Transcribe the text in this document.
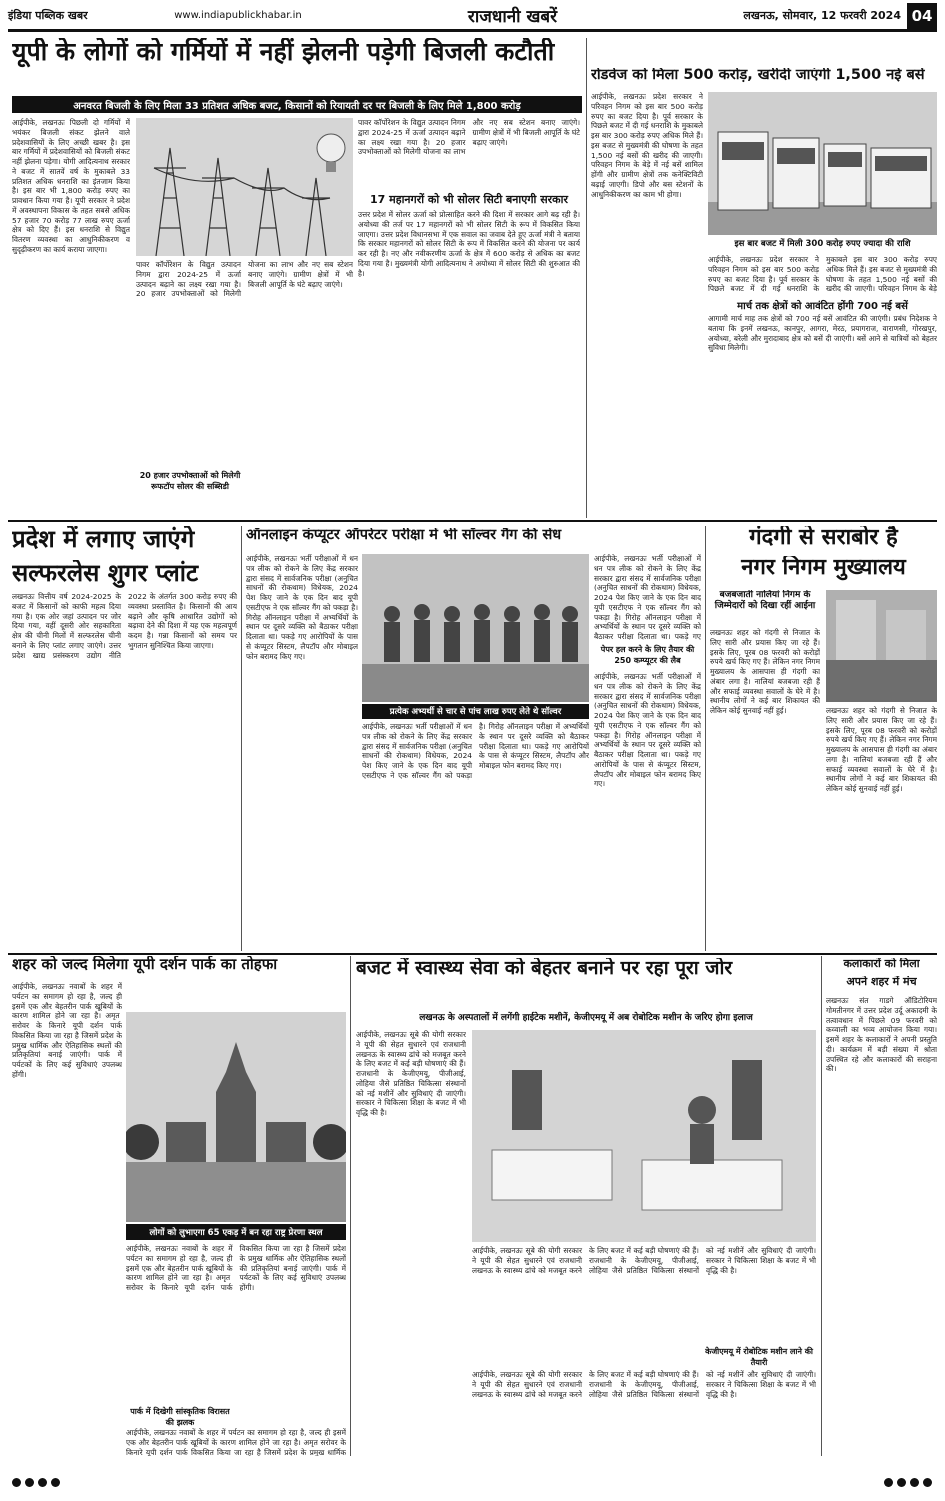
इंडिया पब्लिक खबर	www.indiapublickhabar.in	राजधानी खबरें	लखनऊ, सोमवार, 12 फरवरी 2024 04
यूपी के लोगों को गर्मियों में नहीं झेलनी पड़ेगी बिजली कटौती
अनवरत बिजली के लिए मिला 33 प्रतिशत अधिक बजट, किसानों को रियायती दर पर बिजली के लिए मिले 1,800 करोड़
आईपीके, लखनऊः पिछली दो गर्मियों में भयंकर बिजली संकट झेलने वाले प्रदेशवासियों के लिए अच्छी खबर है। इस बार गर्मियों में प्रदेशवासियों को बिजली संकट नहीं झेलना पड़ेगा। योगी आदित्यनाथ सरकार ने बजट में सातवें वर्ष के मुकाबले 33 प्रतिशत अधिक धनराशि का इंतजाम किया है। इस बार भी 1,800 करोड़ रुपए का प्रावधान किया गया है। यूपी सरकार ने प्रदेश में अवस्थापना विकास के तहत सबसे अधिक 57 हजार 70 करोड़ 77 लाख रुपए ऊर्जा क्षेत्र को दिए हैं। इस धनराशि से विद्युत वितरण व्यवस्था का आधुनिकीकरण व सुदृढ़ीकरण का कार्य कराया जाएगा।
पावर कॉर्पोरेशन के विद्युत उत्पादन निगम द्वारा 2024-25 में ऊर्जा उत्पादन बढ़ाने का लक्ष्य रखा गया है। 20 हजार उपभोक्ताओं को मिलेगी योजना का लाभ और नए सब स्टेशन बनाए जाएंगे। ग्रामीण क्षेत्रों में भी बिजली आपूर्ति के घंटे बढ़ाए जाएंगे।
20 हजार उपभोक्ताओं को मिलेगी रूफटॉप सोलर की सब्सिडी
पावर कॉर्पोरेशन के विद्युत उत्पादन निगम द्वारा 2024-25 में ऊर्जा उत्पादन बढ़ाने का लक्ष्य रखा गया है। 20 हजार उपभोक्ताओं को मिलेगी योजना का लाभ और नए सब स्टेशन बनाए जाएंगे। ग्रामीण क्षेत्रों में भी बिजली आपूर्ति के घंटे बढ़ाए जाएंगे।
17 महानगरों को भी सोलर सिटी बनाएगी सरकार
उत्तर प्रदेश में सोलर ऊर्जा को प्रोत्साहित करने की दिशा में सरकार आगे बढ़ रही है। अयोध्या की तर्ज पर 17 महानगरों को भी सोलर सिटी के रूप में विकसित किया जाएगा। उत्तर प्रदेश विधानसभा में एक सवाल का जवाब देते हुए ऊर्जा मंत्री ने बताया कि सरकार महानगरों को सोलर सिटी के रूप में विकसित करने की योजना पर कार्य कर रही है। नए और नवीकरणीय ऊर्जा के क्षेत्र में 600 करोड़ से अधिक का बजट दिया गया है। मुख्यमंत्री योगी आदित्यनाथ ने अयोध्या में सोलर सिटी की शुरुआत की है।
रोडवेज को मिला 500 करोड़, खरीदी जाएंगी 1,500 नई बसें
आईपीके, लखनऊः प्रदेश सरकार ने परिवहन निगम को इस बार 500 करोड़ रुपए का बजट दिया है। पूर्व सरकार के पिछले बजट में दी गई धनराशि के मुकाबले इस बार 300 करोड़ रुपए अधिक मिले हैं। इस बजट से मुख्यमंत्री की घोषणा के तहत 1,500 नई बसों की खरीद की जाएगी। परिवहन निगम के बेड़े में नई बसें शामिल होंगी और ग्रामीण क्षेत्रों तक कनेक्टिविटी बढ़ाई जाएगी। डिपो और बस स्टेशनों के आधुनिकीकरण का काम भी होगा।
इस बार बजट में मिली 300 करोड़ रुपए ज्यादा की राशि
आईपीके, लखनऊः प्रदेश सरकार ने परिवहन निगम को इस बार 500 करोड़ रुपए का बजट दिया है। पूर्व सरकार के पिछले बजट में दी गई धनराशि के मुकाबले इस बार 300 करोड़ रुपए अधिक मिले हैं। इस बजट से मुख्यमंत्री की घोषणा के तहत 1,500 नई बसों की खरीद की जाएगी। परिवहन निगम के बेड़े
मार्च तक क्षेत्रों को आवंटित होंगी 700 नई बसें
आगामी मार्च माह तक क्षेत्रों को 700 नई बसें आवंटित की जाएंगी। प्रबंध निदेशक ने बताया कि इनमें लखनऊ, कानपुर, आगरा, मेरठ, प्रयागराज, वाराणसी, गोरखपुर, अयोध्या, बरेली और मुरादाबाद क्षेत्र को बसें दी जाएंगी। बसें आने से यात्रियों को बेहतर सुविधा मिलेगी।
प्रदेश में लगाए जाएंगे
सल्फरलेस शुगर प्लांट
लखनऊः वित्तीय वर्ष 2024-2025 के बजट में किसानों को काफी महत्व दिया गया है। एक ओर जहां उत्पादन पर जोर दिया गया, वहीं दूसरी ओर सहकारिता क्षेत्र की चीनी मिलों में सल्फरलेस चीनी बनाने के लिए प्लांट लगाए जाएंगे। उत्तर प्रदेश खाद्य प्रसंस्करण उद्योग नीति 2022 के अंतर्गत 300 करोड़ रुपए की व्यवस्था प्रस्तावित है। किसानों की आय बढ़ाने और कृषि आधारित उद्योगों को बढ़ावा देने की दिशा में यह एक महत्वपूर्ण कदम है। गन्ना किसानों को समय पर भुगतान सुनिश्चित किया जाएगा।
ऑनलाइन कंप्यूटर ऑपरेटर परीक्षा में भी सॉल्वर गैंग की सेंध
आईपीके, लखनऊः भर्ती परीक्षाओं में धन पत्र लीक को रोकने के लिए केंद्र सरकार द्वारा संसद में सार्वजनिक परीक्षा (अनुचित साधनों की रोकथाम) विधेयक, 2024 पेश किए जाने के एक दिन बाद यूपी एसटीएफ ने एक सॉल्वर गैंग को पकड़ा है। गिरोह ऑनलाइन परीक्षा में अभ्यर्थियों के स्थान पर दूसरे व्यक्ति को बैठाकर परीक्षा दिलाता था। पकड़े गए आरोपियों के पास से कंप्यूटर सिस्टम, लैपटॉप और मोबाइल फोन बरामद किए गए।
प्रत्येक अभ्यर्थी से चार से पांच लाख रुपए लेते थे सॉल्वर
आईपीके, लखनऊः भर्ती परीक्षाओं में धन पत्र लीक को रोकने के लिए केंद्र सरकार द्वारा संसद में सार्वजनिक परीक्षा (अनुचित साधनों की रोकथाम) विधेयक, 2024 पेश किए जाने के एक दिन बाद यूपी एसटीएफ ने एक सॉल्वर गैंग को पकड़ा है। गिरोह ऑनलाइन परीक्षा में अभ्यर्थियों के स्थान पर दूसरे व्यक्ति को बैठाकर परीक्षा दिलाता था। पकड़े गए आरोपियों के पास से कंप्यूटर सिस्टम, लैपटॉप और मोबाइल फोन बरामद किए गए।
आईपीके, लखनऊः भर्ती परीक्षाओं में धन पत्र लीक को रोकने के लिए केंद्र सरकार द्वारा संसद में सार्वजनिक परीक्षा (अनुचित साधनों की रोकथाम) विधेयक, 2024 पेश किए जाने के एक दिन बाद यूपी एसटीएफ ने एक सॉल्वर गैंग को पकड़ा है। गिरोह ऑनलाइन परीक्षा में अभ्यर्थियों के स्थान पर दूसरे व्यक्ति को बैठाकर परीक्षा दिलाता था। पकड़े गए
पेपर हल करने के लिए तैयार की 250 कम्प्यूटर की लैब
आईपीके, लखनऊः भर्ती परीक्षाओं में धन पत्र लीक को रोकने के लिए केंद्र सरकार द्वारा संसद में सार्वजनिक परीक्षा (अनुचित साधनों की रोकथाम) विधेयक, 2024 पेश किए जाने के एक दिन बाद यूपी एसटीएफ ने एक सॉल्वर गैंग को पकड़ा है। गिरोह ऑनलाइन परीक्षा में अभ्यर्थियों के स्थान पर दूसरे व्यक्ति को बैठाकर परीक्षा दिलाता था। पकड़े गए आरोपियों के पास से कंप्यूटर सिस्टम, लैपटॉप और मोबाइल फोन बरामद किए गए।
गंदगी से सराबोर है
नगर निगम मुख्यालय
बजबजाती नालियां निगम के जिम्मेदारों को दिखा रहीं आईना
लखनऊः शहर को गंदगी से निजात के लिए सारी और प्रयास किए जा रहे हैं। इसके लिए, पूरब 08 फरवरी को करोड़ों रुपये खर्च किए गए हैं। लेकिन नगर निगम मुख्यालय के आसपास ही गंदगी का अंबार लगा है। नालियां बजबजा रही हैं और सफाई व्यवस्था सवालों के घेरे में है। स्थानीय लोगों ने कई बार शिकायत की लेकिन कोई सुनवाई नहीं हुई।	लखनऊः शहर को गंदगी से निजात के लिए सारी और प्रयास किए जा रहे हैं। इसके लिए, पूरब 08 फरवरी को करोड़ों रुपये खर्च किए गए हैं। लेकिन नगर निगम मुख्यालय के आसपास ही गंदगी का अंबार लगा है। नालियां बजबजा रही हैं और सफाई व्यवस्था सवालों के घेरे में है। स्थानीय लोगों ने कई बार शिकायत की लेकिन कोई सुनवाई नहीं हुई।
शहर को जल्द मिलेगा यूपी दर्शन पार्क का तोहफा
आईपीके, लखनऊः नवाबों के शहर में पर्यटन का समागम हो रहा है, जल्द ही इसमें एक और बेहतरीन पार्क खूबियों के कारण शामिल होने जा रहा है। अमृत ​​सरोवर के किनारे यूपी दर्शन पार्क विकसित किया जा रहा है जिसमें प्रदेश के प्रमुख धार्मिक और ऐतिहासिक स्थलों की प्रतिकृतियां बनाई जाएंगी। पार्क में पर्यटकों के लिए कई सुविधाएं उपलब्ध होंगी।
लोगों को लुभाएगा 65 एकड़ में बन रहा राष्ट्र प्रेरणा स्थल
आईपीके, लखनऊः नवाबों के शहर में पर्यटन का समागम हो रहा है, जल्द ही इसमें एक और बेहतरीन पार्क खूबियों के कारण शामिल होने जा रहा है। अमृत ​​सरोवर के किनारे यूपी दर्शन पार्क विकसित किया जा रहा है जिसमें प्रदेश के प्रमुख धार्मिक और ऐतिहासिक स्थलों की प्रतिकृतियां बनाई जाएंगी। पार्क में पर्यटकों के लिए कई सुविधाएं उपलब्ध होंगी।
पार्क में दिखेगी सांस्कृतिक विरासत की झलक
आईपीके, लखनऊः नवाबों के शहर में पर्यटन का समागम हो रहा है, जल्द ही इसमें एक और बेहतरीन पार्क खूबियों के कारण शामिल होने जा रहा है। अमृत ​​सरोवर के किनारे यूपी दर्शन पार्क विकसित किया जा रहा है जिसमें प्रदेश के प्रमुख धार्मिक
बजट में स्वास्थ्य सेवा को बेहतर बनाने पर रहा पूरा जोर
लखनऊ के अस्पतालों में लगेंगी हाईटेक मशीनें, केजीएमयू में अब रोबोटिक मशीन के जरिए होगा इलाज
आईपीके, लखनऊः सूबे की योगी सरकार ने यूपी की सेहत सुधारने एवं राजधानी लखनऊ के स्वास्थ्य ढांचे को मजबूत करने के लिए बजट में कई बड़ी घोषणाएं की हैं। राजधानी के केजीएमयू, पीजीआई, लोहिया जैसे प्रतिष्ठित चिकित्सा संस्थानों को नई मशीनें और सुविधाएं दी जाएंगी। सरकार ने चिकित्सा शिक्षा के बजट में भी वृद्धि की है।
आईपीके, लखनऊः सूबे की योगी सरकार ने यूपी की सेहत सुधारने एवं राजधानी लखनऊ के स्वास्थ्य ढांचे को मजबूत करने के लिए बजट में कई बड़ी घोषणाएं की हैं। राजधानी के केजीएमयू, पीजीआई, लोहिया जैसे प्रतिष्ठित चिकित्सा संस्थानों को नई मशीनें और सुविधाएं दी जाएंगी। सरकार ने चिकित्सा शिक्षा के बजट में भी वृद्धि की है।
केजीएमयू में रोबोटिक मशीन लाने की तैयारी
आईपीके, लखनऊः सूबे की योगी सरकार ने यूपी की सेहत सुधारने एवं राजधानी लखनऊ के स्वास्थ्य ढांचे को मजबूत करने के लिए बजट में कई बड़ी घोषणाएं की हैं। राजधानी के केजीएमयू, पीजीआई, लोहिया जैसे प्रतिष्ठित चिकित्सा संस्थानों को नई मशीनें और सुविधाएं दी जाएंगी। सरकार ने चिकित्सा शिक्षा के बजट में भी वृद्धि की है।
कलाकारों को मिला
अपने शहर में मंच
लखनऊः संत गाडगे ऑडिटोरियम गोमतीनगर में उत्तर प्रदेश उर्दू अकादमी के तत्वावधान में पिछले 09 फरवरी को कव्वाली का भव्य आयोजन किया गया। इसमें शहर के कलाकारों ने अपनी प्रस्तुति दी। कार्यक्रम में बड़ी संख्या में श्रोता उपस्थित रहे और कलाकारों की सराहना की।
